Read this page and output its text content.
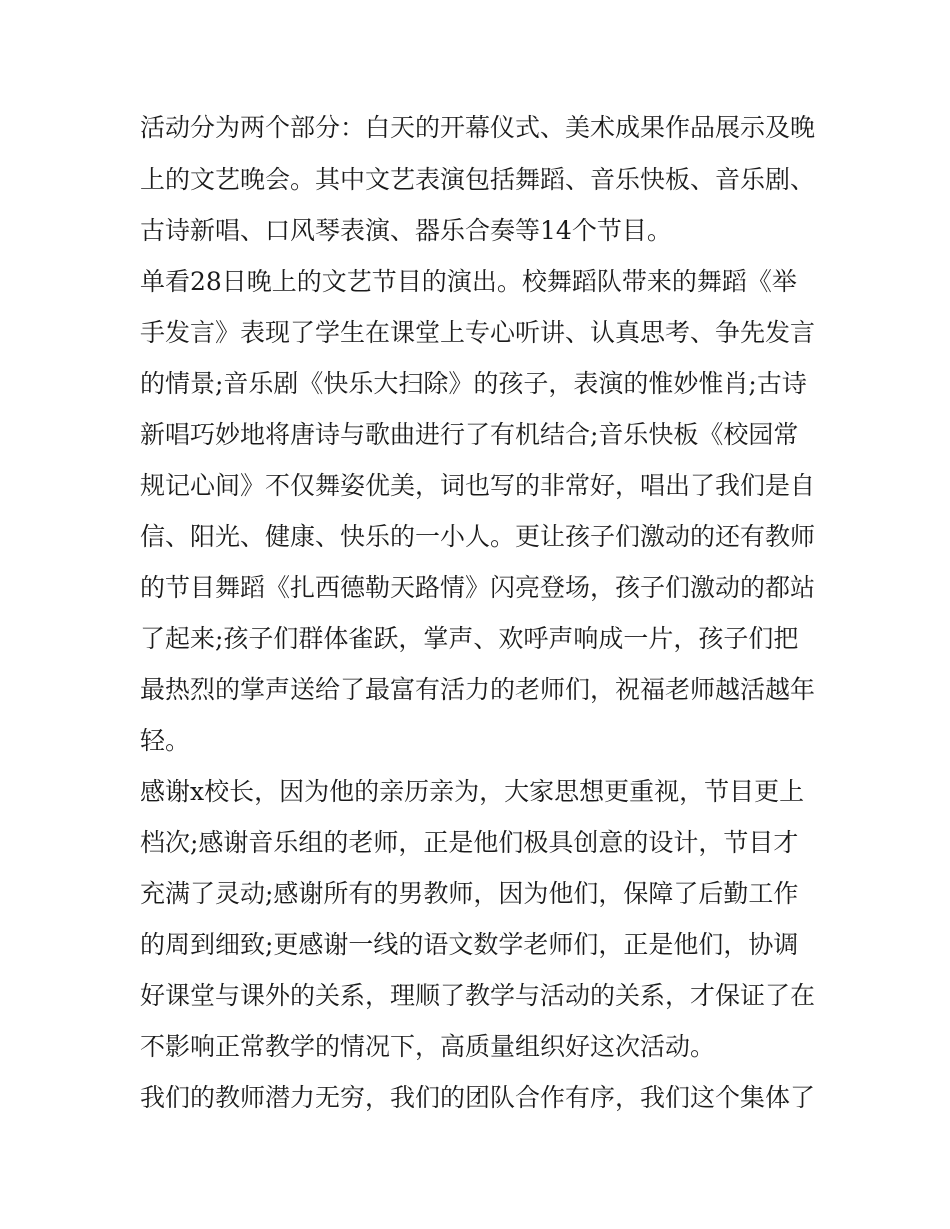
活动分为两个部分：白天的开幕仪式、美术成果作品展示及晚
上的文艺晚会。其中文艺表演包括舞蹈、音乐快板、音乐剧、
古诗新唱、口风琴表演、器乐合奏等14个节目。
单看28日晚上的文艺节目的演出。校舞蹈队带来的舞蹈《举
手发言》表现了学生在课堂上专心听讲、认真思考、争先发言
的情景;音乐剧《快乐大扫除》的孩子，表演的惟妙惟肖;古诗
新唱巧妙地将唐诗与歌曲进行了有机结合;音乐快板《校园常
规记心间》不仅舞姿优美，词也写的非常好，唱出了我们是自
信、阳光、健康、快乐的一小人。更让孩子们激动的还有教师
的节目舞蹈《扎西德勒天路情》闪亮登场，孩子们激动的都站
了起来;孩子们群体雀跃，掌声、欢呼声响成一片，孩子们把
最热烈的掌声送给了最富有活力的老师们，祝福老师越活越年
轻。
感谢x校长，因为他的亲历亲为，大家思想更重视，节目更上
档次;感谢音乐组的老师，正是他们极具创意的设计，节目才
充满了灵动;感谢所有的男教师，因为他们，保障了后勤工作
的周到细致;更感谢一线的语文数学老师们，正是他们，协调
好课堂与课外的关系，理顺了教学与活动的关系，才保证了在
不影响正常教学的情况下，高质量组织好这次活动。
我们的教师潜力无穷，我们的团队合作有序，我们这个集体了
